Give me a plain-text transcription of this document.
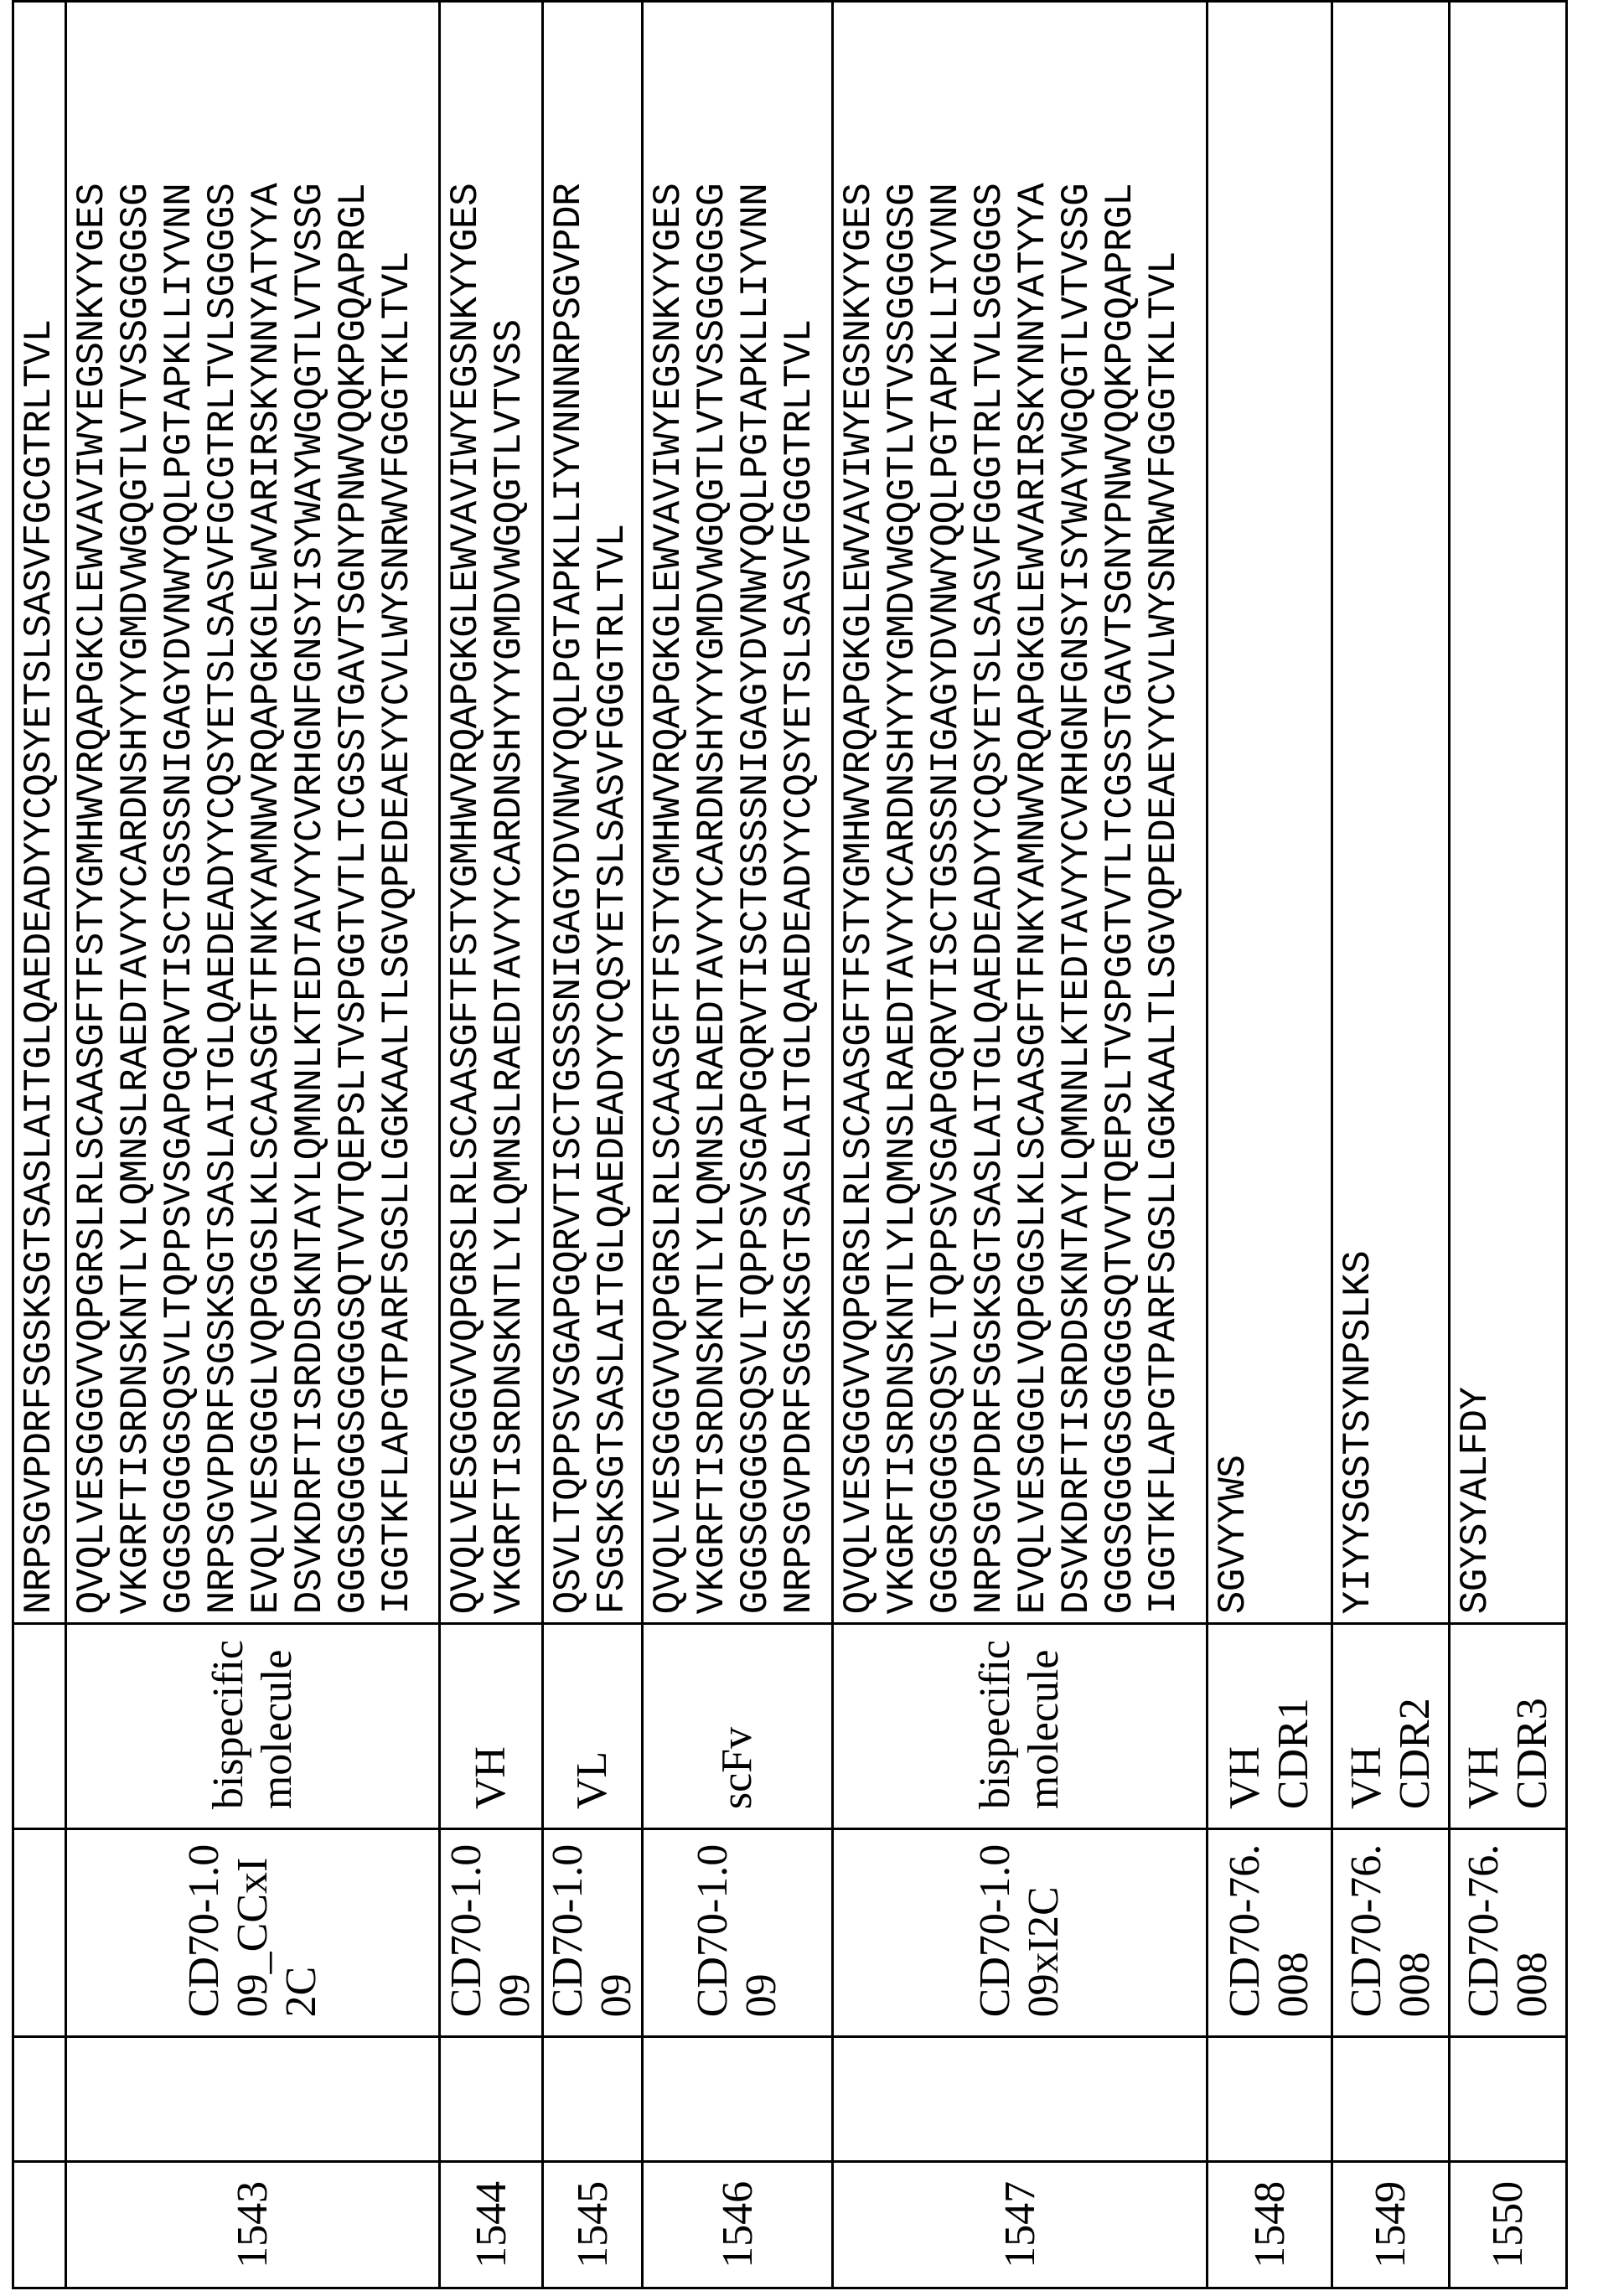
NRPSGVPDRFSGSKSGTSASLAITGLQAEDEADYYCQSYETSLSASVFGCGTRLTVL

1543		CD70-1.009_CCxI2C	bispecific molecule	
QVQLVESGGGVVQPGRSLRLSCAASGFTFSTYGMHWVRQAPGKCLEWVAVIWYEGSNKYYGES VKGRFTISRDNSKNTLYLQMNSLRAEDTAVYYCARDNSHYYYGMDVWGQGTLVTVSSGGGGSG GGGSGGGGSQSVLTQPPSVSGAPGQRVTISCTGSSSNIGAGYDVNWYQQLPGTAPKLLIYVNN NRPSGVPDRFSGSKSGTSASLAITGLQAEDEADYYCQSYETSLSASVFGCGTRLTVLSGGGGS EVQLVESGGGLVQPGGSLKLSCAASGFTFNKYAMNWVRQAPGKGLEWVARIRSKYNNYATYYA DSVKDRFTISRDDSKNTAYLQMNNLKTEDTAVYYCVRHGNFGNSYISYWAYWGQGTLVTVSSG GGGSGGGGSGGGGSQTVVTQEPSLTVSPGGTVTLTCGSSTGAVTSGNYPNWVQQKPGQAPRGL IGGTKFLAPGTPARFSGSLLGGKAALTLSGVQPEDEAEYYCVLWYSNRWVFGGGTKLTVL

1544		CD70-1.009	VH	
QVQLVESGGGVVQPGRSLRLSCAASGFTFSTYGMHWVRQAPGKGLEWVAVIWYEGSNKYYGES VKGRFTISRDNSKNTLYLQMNSLRAEDTAVYYCARDNSHYYYGMDVWGQGTLVTVSS

1545		CD70-1.009	VL	
QSVLTQPPSVSGAPGQRVTISCTGSSSNIGAGYDVNWYQQLPGTAPKLLIYVNNNRPSGVPDR FSGSKSGTSASLAITGLQAEDEADYYCQSYETSLSASVFGGGTRLTVL

1546		CD70-1.009	scFv	
QVQLVESGGGVVQPGRSLRLSCAASGFTFSTYGMHWVRQAPGKGLEWVAVIWYEGSNKYYGES VKGRFTISRDNSKNTLYLQMNSLRAEDTAVYYCARDNSHYYYGMDVWGQGTLVTVSSGGGGSG GGGSGGGGSQSVLTQPPSVSGAPGQRVTISCTGSSSNIGAGYDVNWYQQLPGTAPKLLIYVNN NRPSGVPDRFSGSKSGTSASLAITGLQAEDEADYYCQSYETSLSASVFGGGTRLTVL

1547		CD70-1.009xI2C	bispecific molecule	
QVQLVESGGGVVQPGRSLRLSCAASGFTFSTYGMHWVRQAPGKGLEWVAVIWYEGSNKYYGES VKGRFTISRDNSKNTLYLQMNSLRAEDTAVYYCARDNSHYYYGMDVWGQGTLVTVSSGGGGSG GGGSGGGGSQSVLTQPPSVSGAPGQRVTISCTGSSSNIGAGYDVNWYQQLPGTAPKLLIYVNN NRPSGVPDRFSGSKSGTSASLAITGLQAEDEADYYCQSYETSLSASVFGGGTRLTVLSGGGGS EVQLVESGGGLVQPGGSLKLSCAASGFTFNKYAMNWVRQAPGKGLEWVARIRSKYNNYATYYA DSVKDRFTISRDDSKNTAYLQMNNLKTEDTAVYYCVRHGNFGNSYISYWAYWGQGTLVTVSSG GGGSGGGGSGGGGSQTVVTQEPSLTVSPGGTVTLTCGSSTGAVTSGNYPNWVQQKPGQAPRGL IGGTKFLAPGTPARFSGSLLGGKAALTLSGVQPEDEAEYYCVLWYSNRWVFGGGTKLTVL

1548		CD70-76.008	VH CDR1	
SGVYYWS

1549		CD70-76.008	VH CDR2	
YIYYSGSTSYNPSLKS

1550		CD70-76.008	VH CDR3	
SGYSYALFDY
